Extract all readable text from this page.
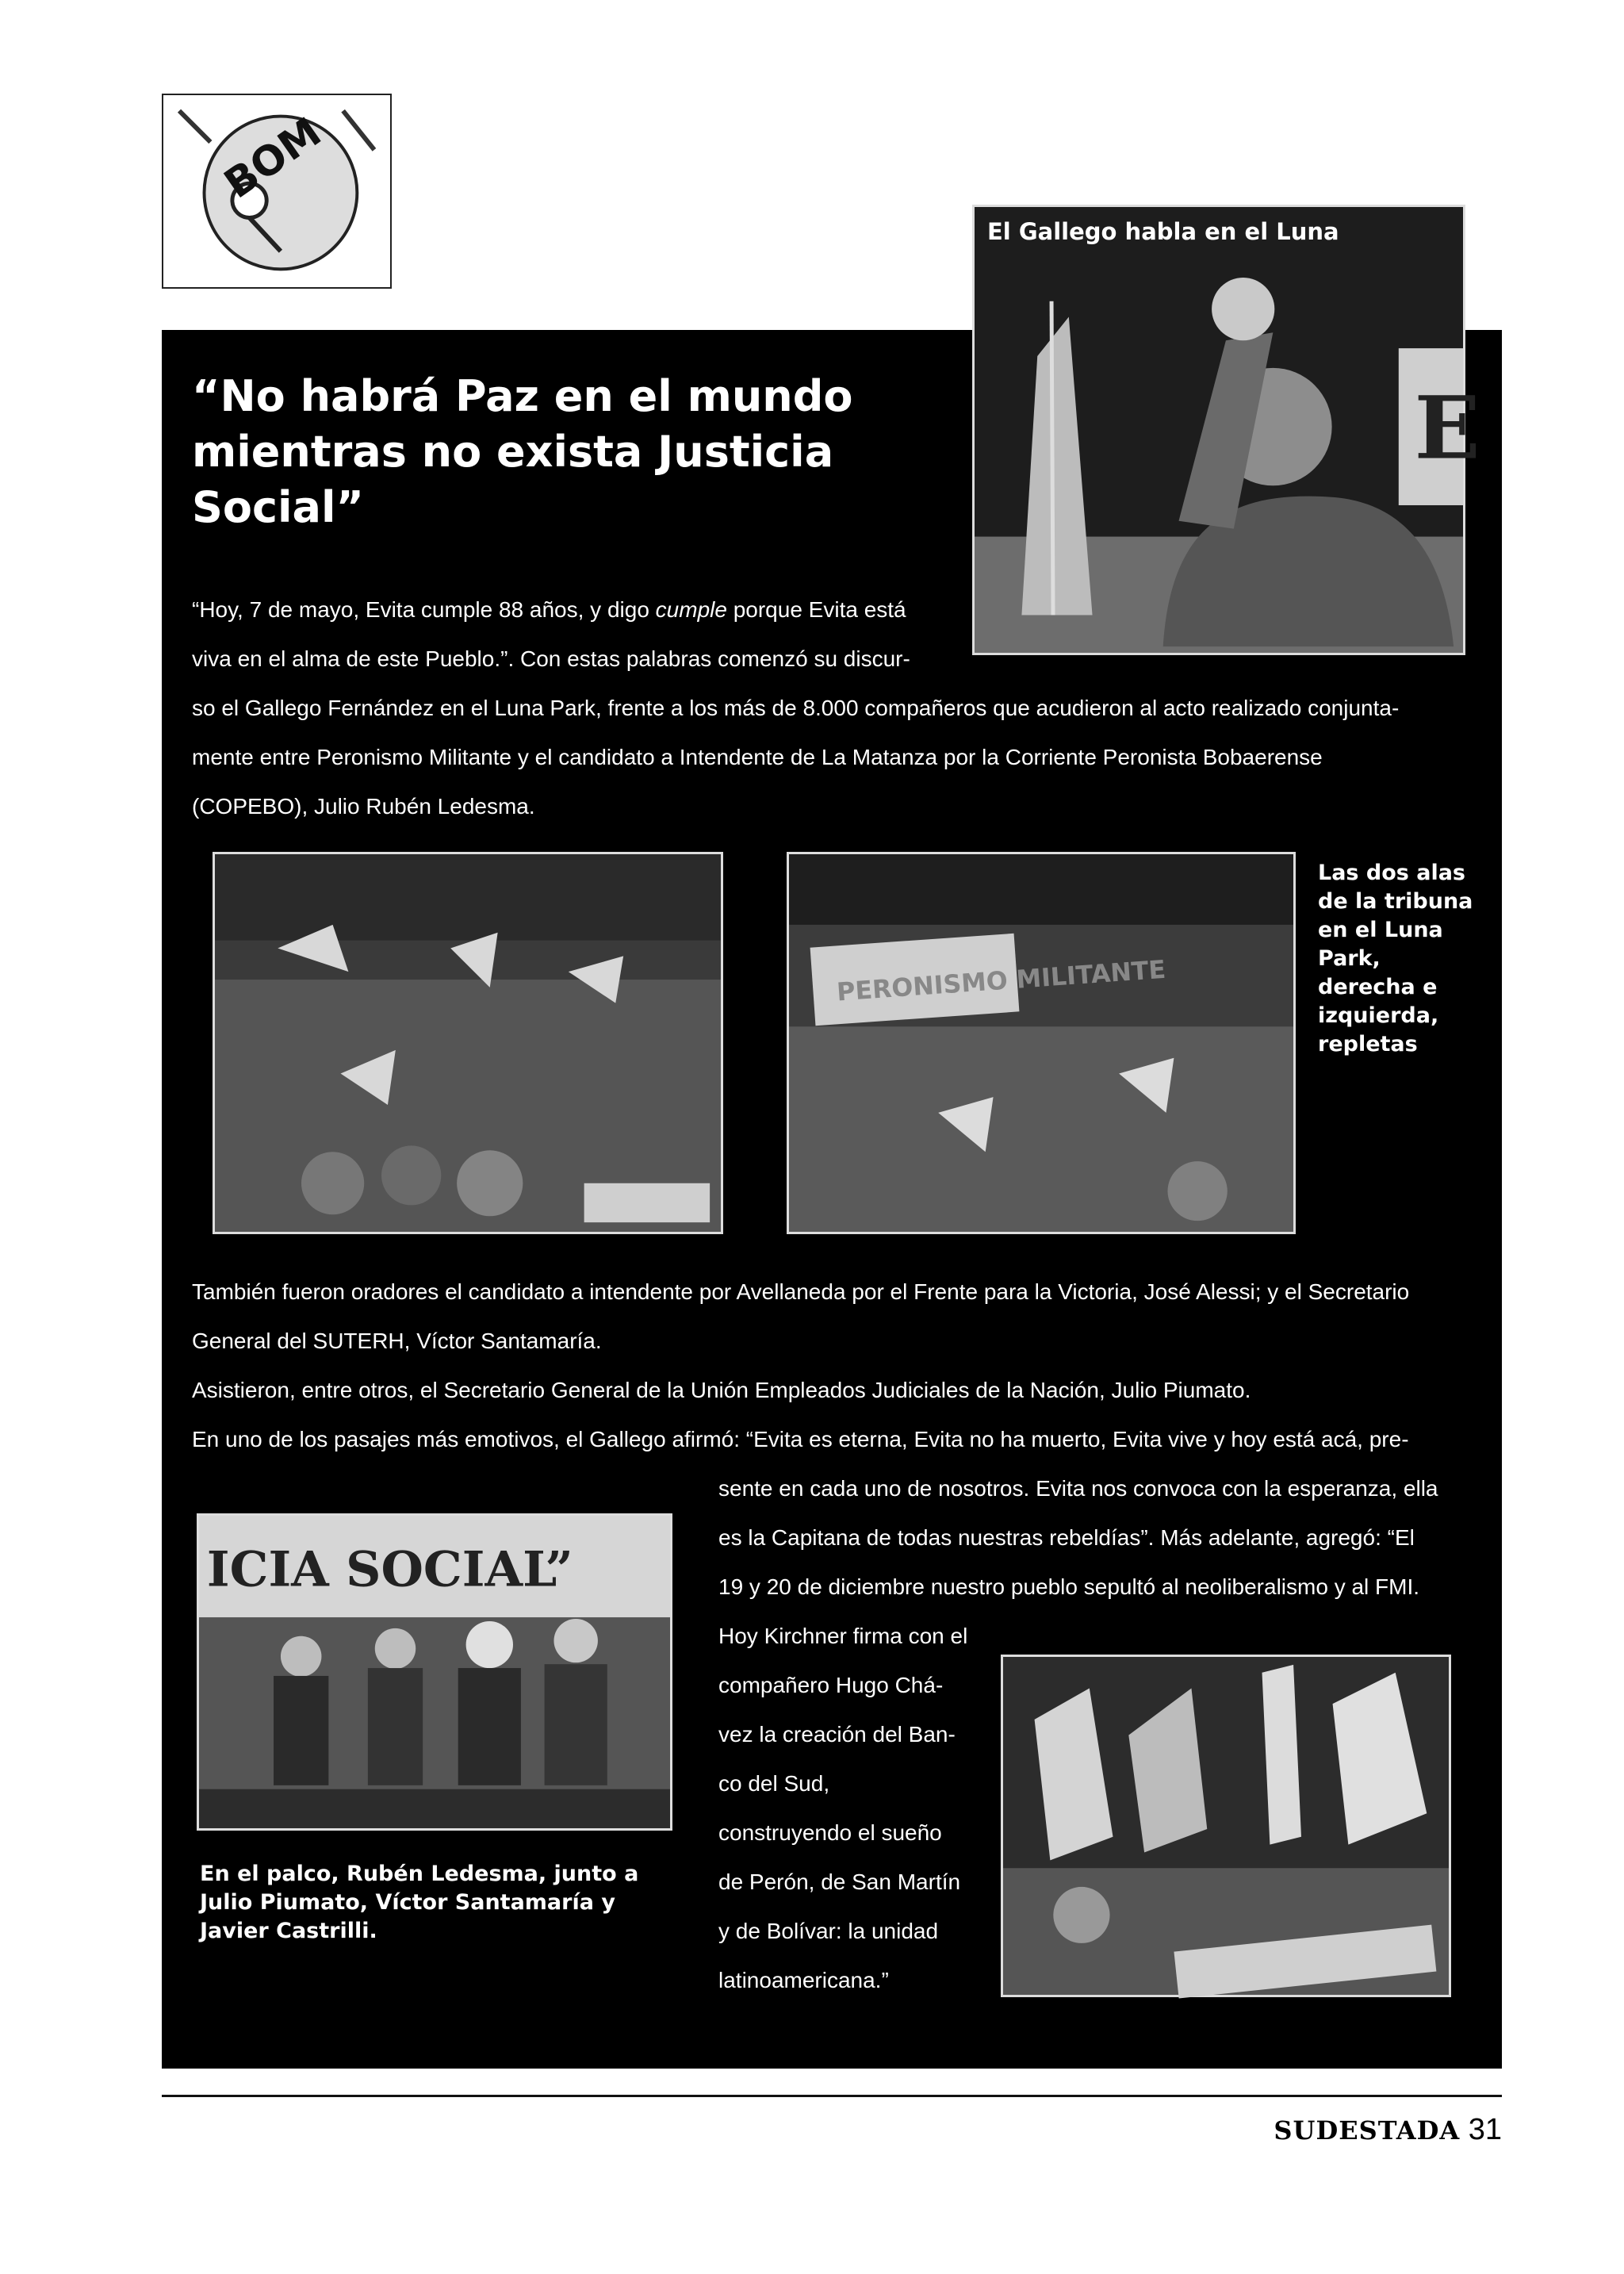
BOM
E
El Gallego habla en el Luna
“No habrá Paz en el mundo mientras no exista Justicia Social”
“Hoy, 7 de mayo, Evita cumple 88 años, y digo cumple porque Evita está
viva en el alma de este Pueblo.”. Con estas palabras comenzó su discur-
so el Gallego Fernández en el Luna Park, frente a los más de 8.000 compañeros que acudieron al acto realizado conjunta-
mente entre Peronismo Militante y el candidato a Intendente de La Matanza por la Corriente Peronista Bobaerense
(COPEBO), Julio Rubén Ledesma.
PERONISMO MILITANTE
Las dos alas
de la tribuna
en el Luna
Park,
derecha e
izquierda,
repletas
También fueron oradores el candidato a intendente por Avellaneda por el Frente para la Victoria, José Alessi; y el Secretario
General del SUTERH, Víctor Santamaría.
Asistieron, entre otros, el Secretario General de la Unión Empleados Judiciales de la Nación, Julio Piumato.
En uno de los pasajes más emotivos, el Gallego afirmó: “Evita es eterna, Evita no ha muerto, Evita vive y hoy está acá, pre-
sente en cada uno de nosotros. Evita nos convoca con la esperanza, ella
es la Capitana de todas nuestras rebeldías”. Más adelante, agregó: “El
19 y 20 de diciembre nuestro pueblo sepultó al neoliberalismo y al FMI.
Hoy Kirchner firma con el
compañero Hugo Chá-
vez la creación del Ban-
co del Sud,
construyendo el sueño
de Perón, de San Martín
y de Bolívar: la unidad
latinoamericana.”
ICIA SOCIAL”
En el palco, Rubén Ledesma, junto a
Julio Piumato, Víctor Santamaría y
Javier Castrilli.
SUDESTADA 31
